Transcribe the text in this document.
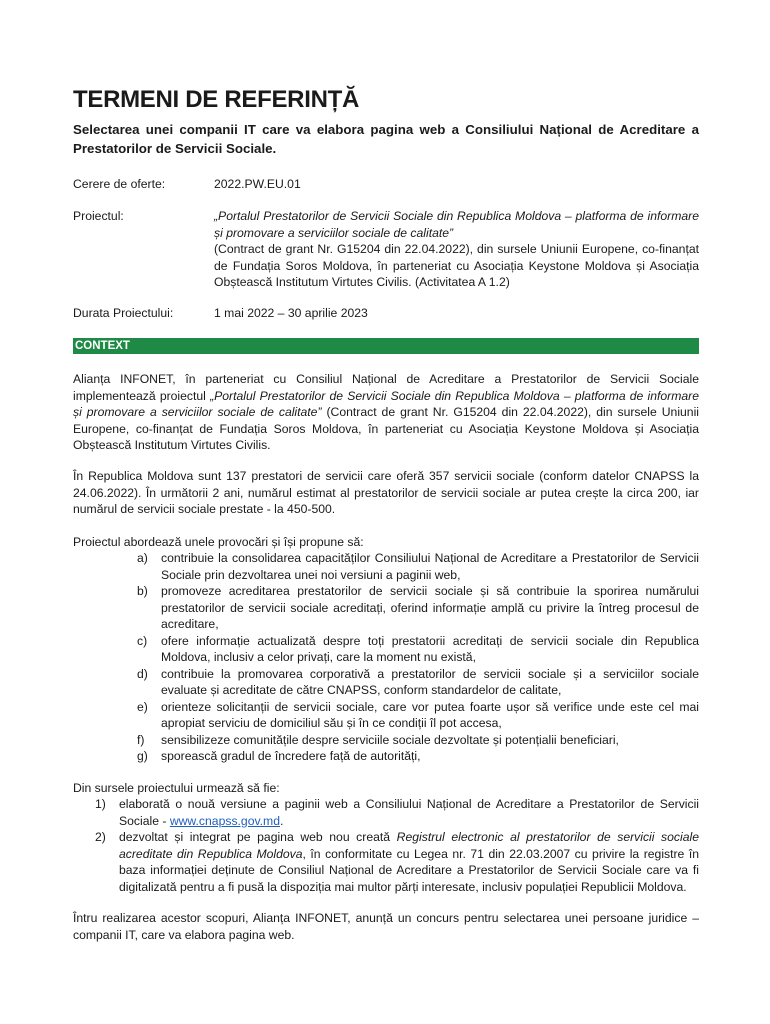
TERMENI DE REFERINȚĂ

Selectarea unei companii IT care va elabora pagina web a Consiliului Național de Acreditare a Prestatorilor de Servicii Sociale.

Cerere de oferte:	2022.PW.EU.01
Proiectul:	„Portalul Prestatorilor de Servicii Sociale din Republica Moldova – platforma de informare și promovare a serviciilor sociale de calitate”
(Contract de grant Nr. G15204 din 22.04.2022), din sursele Uniunii Europene, co-finanțat de Fundația Soros Moldova, în parteneriat cu Asociația Keystone Moldova și Asociația Obștească Institutum Virtutes Civilis. (Activitatea A 1.2)
Durata Proiectului:	1 mai 2022 – 30 aprilie 2023
CONTEXT

Alianța INFONET, în parteneriat cu Consiliul Național de Acreditare a Prestatorilor de Servicii Sociale implementează proiectul „Portalul Prestatorilor de Servicii Sociale din Republica Moldova – platforma de informare și promovare a serviciilor sociale de calitate” (Contract de grant Nr. G15204 din 22.04.2022), din sursele Uniunii Europene, co-finanțat de Fundația Soros Moldova, în parteneriat cu Asociația Keystone Moldova și Asociația Obștească Institutum Virtutes Civilis.

În Republica Moldova sunt 137 prestatori de servicii care oferă 357 servicii sociale (conform datelor CNAPSS la 24.06.2022). În următorii 2 ani, numărul estimat al prestatorilor de servicii sociale ar putea crește la circa 200, iar numărul de servicii sociale prestate - la 450-500.

Proiectul abordează unele provocări și își propune să:

a) contribuie la consolidarea capacităților Consiliului Național de Acreditare a Prestatorilor de Servicii Sociale prin dezvoltarea unei noi versiuni a paginii web,
b) promoveze acreditarea prestatorilor de servicii sociale și să contribuie la sporirea numărului prestatorilor de servicii sociale acreditați, oferind informație amplă cu privire la întreg procesul de acreditare,
c) ofere informație actualizată despre toți prestatorii acreditați de servicii sociale din Republica Moldova, inclusiv a celor privați, care la moment nu există,
d) contribuie la promovarea corporativă a prestatorilor de servicii sociale și a serviciilor sociale evaluate și acreditate de către CNAPSS, conform standardelor de calitate,
e) orienteze solicitanții de servicii sociale, care vor putea foarte ușor să verifice unde este cel mai apropiat serviciu de domiciliul său și în ce condiții îl pot accesa,
f) sensibilizeze comunitățile despre serviciile sociale dezvoltate și potențialii beneficiari,
g) sporească gradul de încredere față de autorități,

Din sursele proiectului urmează să fie:

1) elaborată o nouă versiune a paginii web a Consiliului Național de Acreditare a Prestatorilor de Servicii Sociale - www.cnapss.gov.md.
2) dezvoltat și integrat pe pagina web nou creată Registrul electronic al prestatorilor de servicii sociale acreditate din Republica Moldova, în conformitate cu Legea nr. 71 din 22.03.2007 cu privire la registre în baza informației deținute de Consiliul Național de Acreditare a Prestatorilor de Servicii Sociale care va fi digitalizată pentru a fi pusă la dispoziția mai multor părți interesate, inclusiv populației Republicii Moldova.

Întru realizarea acestor scopuri, Alianța INFONET, anunță un concurs pentru selectarea unei persoane juridice – companii IT, care va elabora pagina web.
